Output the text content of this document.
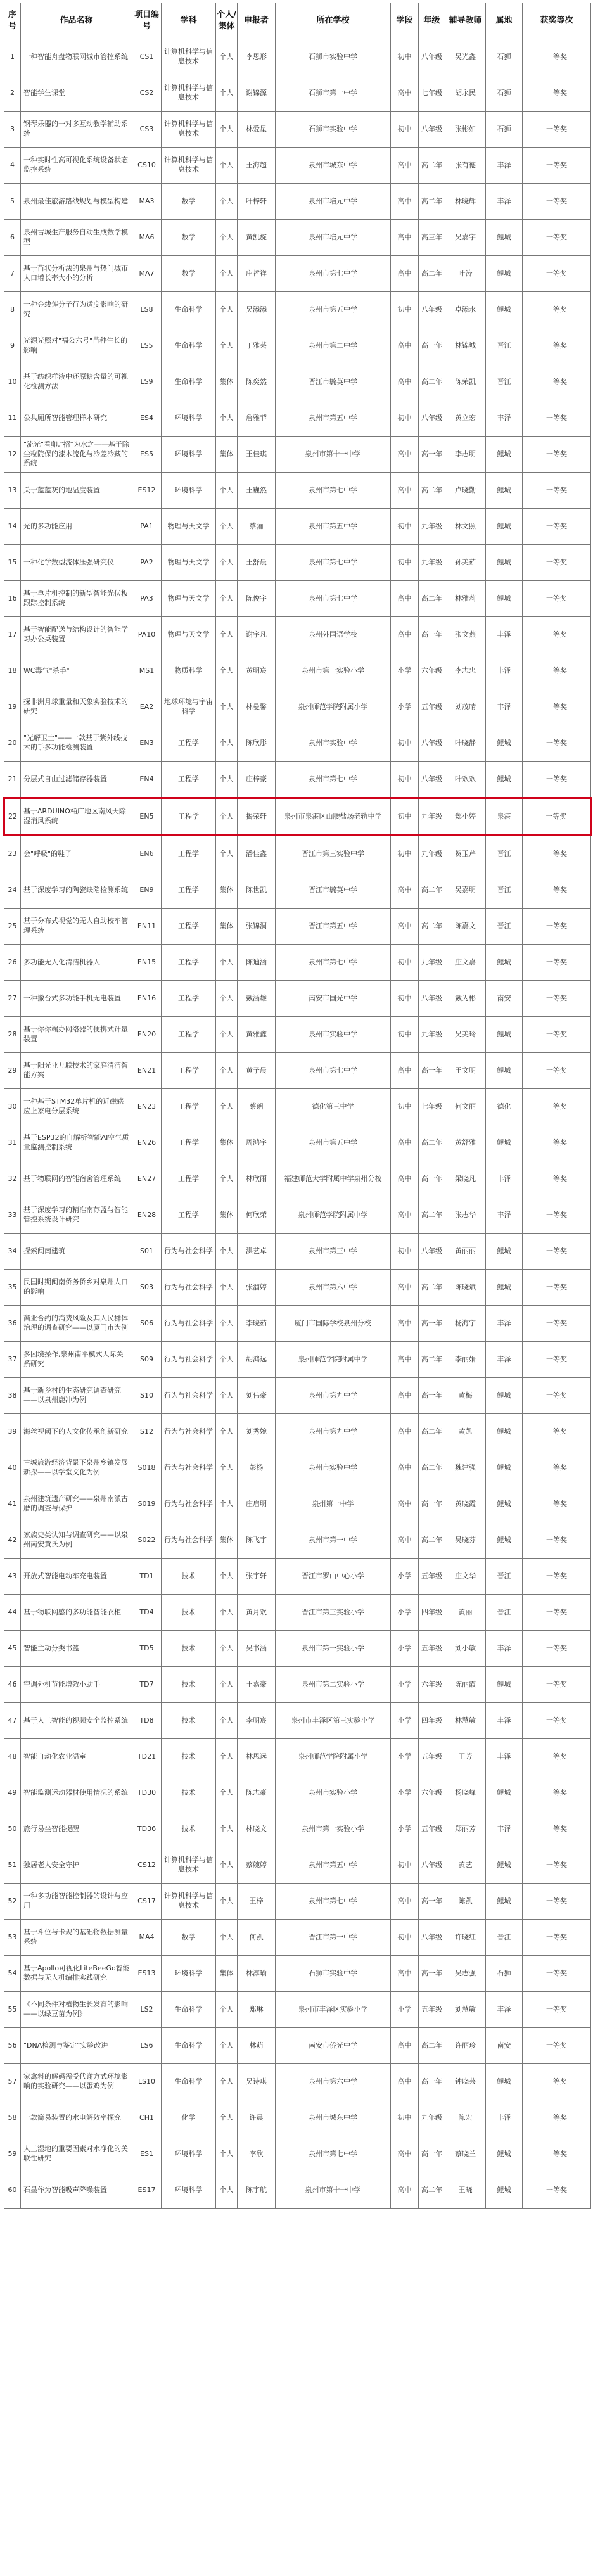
序号	作品名称	项目编号	学科	个人/集体	申报者	所在学校	学段	年级	辅导教师	属地	获奖等次
1	一种智能舟盘物联网城市管控系统	CS1	计算机科学与信息技术	个人	李思形	石狮市实验中学	初中	八年级	吴光鑫	石狮	一等奖
2	智能学生课堂	CS2	计算机科学与信息技术	个人	谢锦源	石狮市第一中学	高中	七年级	胡永民	石狮	一等奖
3	钢琴乐器的一对多互动教学辅助系统	CS3	计算机科学与信息技术	个人	林爱星	石狮市实验中学	初中	八年级	张彬如	石狮	一等奖
4	一种实时性高可视化系统设备状态监控系统	CS10	计算机科学与信息技术	个人	王海超	泉州市城东中学	高中	高二年	张有德	丰泽	一等奖
5	泉州最佳旅游路线规划与模型构建	MA3	数学	个人	叶梓轩	泉州市培元中学	高中	高二年	林晓辉	丰泽	一等奖
6	泉州古城生产服务自动生成数学模型	MA6	数学	个人	黄凯旋	泉州市培元中学	高中	高三年	吴嘉宇	鲤城	一等奖
7	基于苗状分析法的泉州与热门城市人口增长率大小的分析	MA7	数学	个人	庄哲祥	泉州市第七中学	高中	高二年	叶涛	鲤城	一等奖
8	一种金线莲分子行为适度影响的研究	LS8	生命科学	个人	吴添添	泉州市第五中学	初中	八年级	卓添水	鲤城	一等奖
9	光源光照对"福公六号"苗种生长的影响	LS5	生命科学	个人	丁雅芸	泉州市第二中学	高中	高一年	林锦城	晋江	一等奖
10	基于纺织样液中还原糖含量的可视化检测方法	LS9	生命科学	集体	陈奕然	晋江市毓英中学	高中	高二年	陈荣凯	晋江	一等奖
11	公共厕所智能管理样本研究	ES4	环境科学	个人	詹雅菲	泉州市第五中学	初中	八年级	黄立宏	丰泽	一等奖
12	"流光"看卵,"招"为水之——基于除尘粒院保的漆木流化与冷差冷藏的系统	ES5	环境科学	集体	王佳琪	泉州市第十一中学	高中	高一年	李志明	鲤城	一等奖
13	关于蓝蓝灰的地温度装置	ES12	环境科学	个人	王巍然	泉州市第七中学	高中	高二年	卢晓勤	鲤城	一等奖
14	光的多功能应用	PA1	物理与天文学	个人	蔡骊	泉州市第五中学	初中	九年级	林文照	鲤城	一等奖
15	一种化学数型流体压强研究仪	PA2	物理与天文学	个人	王舒晨	泉州市第七中学	初中	九年级	孙美茹	鲤城	一等奖
16	基于单片机控制的新型智能光伏板跟踪控制系统	PA3	物理与天文学	个人	陈俊宇	泉州市第七中学	高中	高二年	林雅莉	鲤城	一等奖
17	基于智能配送与结构设计的智能学习办公桌装置	PA10	物理与天文学	个人	谢宇凡	泉州外国语学校	高中	高一年	张文燕	丰泽	一等奖
18	WC毒气"杀手"	MS1	物质科学	个人	黄明宸	泉州市第一实验小学	小学	六年级	李志忠	丰泽	一等奖
19	探非洲月球重量和天象实验技术的研究	EA2	地球环境与宇宙科学	个人	林曼馨	泉州师范学院附属小学	小学	五年级	刘茂晴	丰泽	一等奖
20	"光解卫士"——一款基于紫外线技术的手多功能检测装置	EN3	工程学	个人	陈欣彤	泉州市实验中学	初中	八年级	叶晓静	鲤城	一等奖
21	分层式自由过滤储存器装置	EN4	工程学	个人	庄梓豪	泉州市第七中学	初中	八年级	叶欢欢	鲤城	一等奖
22	基于ARDUINO桶广地区南风天除湿消风系统	EN5	工程学	个人	揭荣轩	泉州市泉港区山腰盐场老轨中学	初中	九年级	郑小婷	泉港	一等奖
23	会"呼吸"的鞋子	EN6	工程学	个人	潘佳鑫	晋江市第三实验中学	初中	九年级	贺玉芹	晋江	一等奖
24	基于深度学习的陶瓷缺陷检测系统	EN9	工程学	集体	陈世凯	晋江市毓英中学	高中	高二年	吴嘉明	晋江	一等奖
25	基于分布式视觉的无人自助校车管理系统	EN11	工程学	集体	张锦洞	晋江市第五中学	高中	高二年	陈嘉文	晋江	一等奖
26	多功能无人化清洁机器人	EN15	工程学	个人	陈迪涵	泉州市第七中学	初中	九年级	庄文嘉	鲤城	一等奖
27	一种撤台式多功能手机无电装置	EN16	工程学	个人	戴涵雄	南安市国光中学	初中	八年级	戴为彬	南安	一等奖
28	基于你你端办网络器的便携式计量装置	EN20	工程学	个人	黄雅鑫	泉州市实验中学	初中	九年级	吴美玲	鲤城	一等奖
29	基于阳光亚互联技术的家庭清洁智能方案	EN21	工程学	个人	黄子晨	泉州市第七中学	高中	高一年	王文明	鲤城	一等奖
30	一种基于STM32单片机的近磁感应上家电分层系统	EN23	工程学	个人	蔡朗	德化第三中学	初中	七年级	何文丽	德化	一等奖
31	基于ESP32的自解析智能AI空气质量监测控制系统	EN26	工程学	集体	周鸿宇	泉州市第五中学	高中	高二年	黄舒雅	鲤城	一等奖
32	基于物联网的智能宿舍管理系统	EN27	工程学	个人	林欣雨	福建师范大学附属中学泉州分校	高中	高一年	梁晓凡	丰泽	一等奖
33	基于深度学习的精准南苏盟与智能管控系统设计研究	EN28	工程学	集体	何欣荣	泉州师范学院附属中学	高中	高二年	张志华	丰泽	一等奖
34	探索闽南建筑	S01	行为与社会科学	个人	洪艺卓	泉州市第三中学	初中	八年级	黄丽丽	鲤城	一等奖
35	民国时期闽南侨务侨乡对泉州人口的影响	S03	行为与社会科学	个人	张溜婷	泉州市第六中学	高中	高二年	陈晓斌	鲤城	一等奖
36	商业合约的消费风险及其人民群体治理的调查研究——以厦门市为例	S06	行为与社会科学	个人	李晓茹	厦门市国际学校泉州分校	高中	高一年	杨海宇	丰泽	一等奖
37	多困境操作,泉州南平模式人际关系研究	S09	行为与社会科学	个人	胡鸿远	泉州师范学院附属中学	高中	高二年	李丽娟	丰泽	一等奖
38	基于新乡村的生态研究调查研究——以泉州鹿冲为例	S10	行为与社会科学	个人	刘伟豪	泉州市第九中学	高中	高一年	黄梅	鲤城	一等奖
39	海丝视阈下的人文化传承创新研究	S12	行为与社会科学	个人	刘秀婉	泉州市第九中学	高中	高二年	黄凯	鲤城	一等奖
40	古城旅游经济背景下泉州乡镇发展新探——以学堂文化为例	S018	行为与社会科学	个人	彭杨	泉州市实验中学	高中	高二年	魏建强	鲤城	一等奖
41	泉州建筑遗产研究——泉州南派古厝的调查与保护	S019	行为与社会科学	个人	庄启明	泉州第一中学	高中	高一年	黄晓霞	鲤城	一等奖
42	家族史类认知与调查研究——以泉州南安黄氏为例	S022	行为与社会科学	集体	陈飞宇	泉州市第一中学	高中	高二年	吴晓芬	鲤城	一等奖
43	开放式智能电动车充电装置	TD1	技术	个人	张宇轩	晋江市罗山中心小学	小学	五年级	庄文华	晋江	一等奖
44	基于物联网感的多功能智能衣柜	TD4	技术	个人	黄月欢	晋江市第三实验小学	小学	四年级	黄丽	晋江	一等奖
45	智能主动分类书篮	TD5	技术	个人	吴书涵	泉州市第一实验小学	小学	五年级	刘小敏	丰泽	一等奖
46	空调外机节能增效小助手	TD7	技术	个人	王嘉豪	泉州市第二实验小学	小学	六年级	陈丽霞	鲤城	一等奖
47	基于人工智能的视频安全监控系统	TD8	技术	个人	李明宸	泉州市丰泽区第三实验小学	小学	四年级	林慧敏	丰泽	一等奖
48	智能自动化农业温室	TD21	技术	个人	林思远	泉州师范学院附属小学	小学	五年级	王芳	丰泽	一等奖
49	智能监测运动器材使用情况的系统	TD30	技术	个人	陈志豪	泉州市实验小学	小学	六年级	杨晓峰	鲤城	一等奖
50	旅行易坐智能提醒	TD36	技术	个人	林晓文	泉州市第一实验小学	小学	五年级	郑丽芳	丰泽	一等奖
51	独居老人安全守护	CS12	计算机科学与信息技术	个人	蔡婉婷	泉州市第五中学	初中	八年级	黄艺	鲤城	一等奖
52	一种多功能智能控制器的设计与应用	CS17	计算机科学与信息技术	个人	王梓	泉州市第七中学	高中	高一年	陈凯	鲤城	一等奖
53	基于斗位与卡规的基础物数据测量系统	MA4	数学	个人	何凯	晋江市第一中学	初中	八年级	许晓红	晋江	一等奖
54	基于Apollo可视化LiteBeeGo智能数据与无人机编排实践研究	ES13	环境科学	集体	林淳瑜	石狮市实验中学	高中	高一年	吴志强	石狮	一等奖
55	《不同条件对植物生长发育的影响——以绿豆苗为例》	LS2	生命科学	个人	郑琳	泉州市丰泽区实验小学	小学	五年级	刘慧敏	丰泽	一等奖
56	"DNA检测与鉴定"实验改进	LS6	生命科学	个人	林萌	南安市侨光中学	高中	高二年	许丽珍	南安	一等奖
57	家禽料的解码需受代谢方式环境影响的实验研究——以蛋鸡为例	LS10	生命科学	个人	吴诗琪	泉州市第六中学	高中	高一年	钟晓芸	鲤城	一等奖
58	一款简易装置的水电解效率探究	CH1	化学	个人	许晨	泉州市城东中学	初中	九年级	陈宏	丰泽	一等奖
59	人工湿地的重要因素对水净化的关联性研究	ES1	环境科学	个人	李欣	泉州市第七中学	高中	高一年	蔡晓兰	鲤城	一等奖
60	石墨作为智能吸声降噪装置	ES17	环境科学	个人	陈宇航	泉州市第十一中学	高中	高二年	王晓	鲤城	一等奖
